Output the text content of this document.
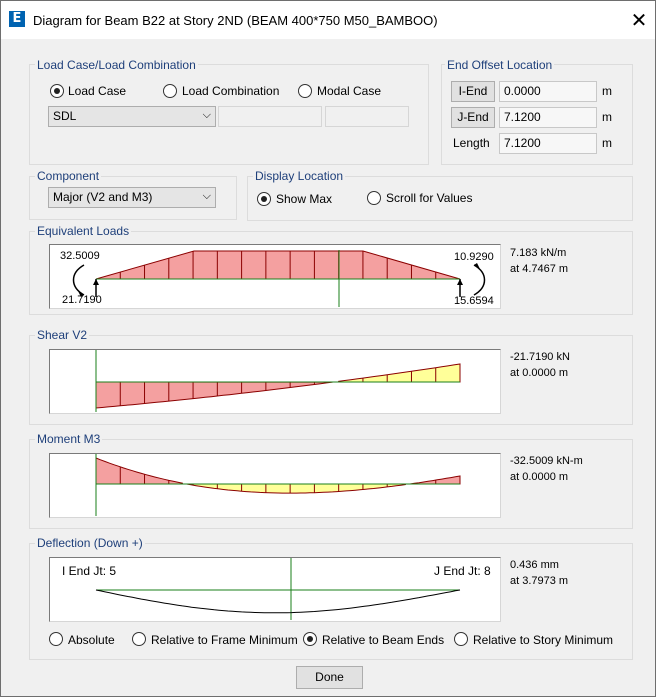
E Diagram for Beam B22 at Story 2ND (BEAM 400*750 M50_BAMBOO)	✕
Load Case/Load Combination
Load Case	Load Combination	Modal Case
SDL	⌵
End Offset Location
I-End	0.0000	m
J-End	7.1200	m
Length 7.1200	m
Component
Major (V2 and M3)	⌵
Display Location
Show Max	Scroll for Values
Equivalent Loads
32.5009
21.7190
10.9290
15.6594
7.183 kN/m
at 4.7467 m
Shear V2
-21.7190 kN
at 0.0000 m
Moment M3
-32.5009 kN-m
at 0.0000 m
Deflection (Down +)
I End Jt: 5	J End Jt: 8 0.436 mm
at 3.7973 m
Absolute	Relative to Frame Minimum Relative to Beam Ends Relative to Story Minimum
Done
